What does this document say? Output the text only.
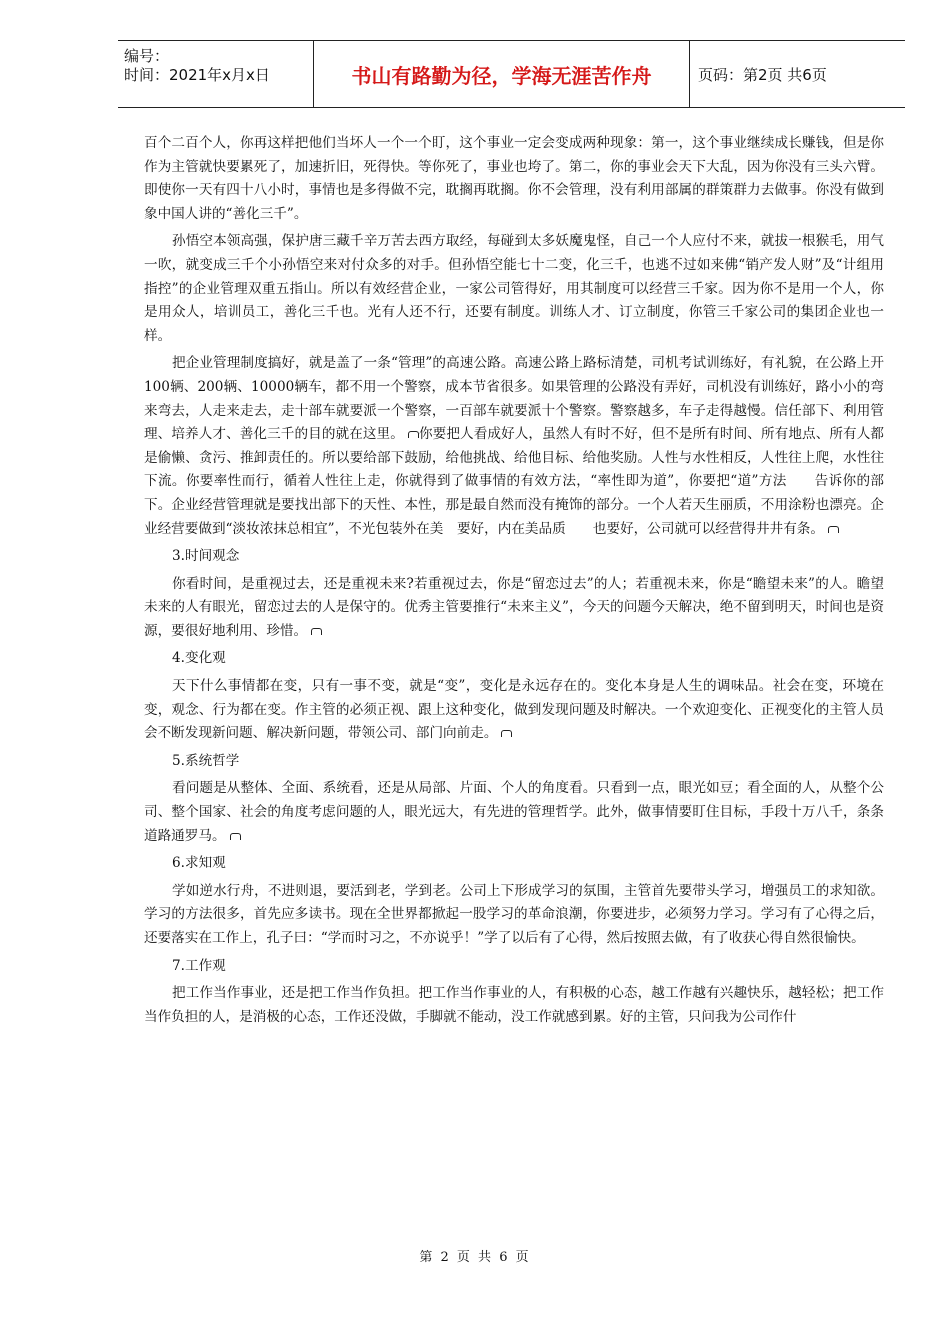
编号：
时间：2021年x月x日	书山有路勤为径，学海无涯苦作舟	页码：第2页 共6页

百个二百个人，你再这样把他们当坏人一个一个盯，这个事业一定会变成两种现象：第一，这个事业继续成长赚钱，但是你作为主管就快要累死了，加速折旧，死得快。等你死了，事业也垮了。第二，你的事业会天下大乱，因为你没有三头六臂。即使你一天有四十八小时，事情也是多得做不完，耽搁再耽搁。你不会管理，没有利用部属的群策群力去做事。你没有做到象中国人讲的“善化三千”。

孙悟空本领高强，保护唐三藏千辛万苦去西方取经，每碰到太多妖魔鬼怪，自己一个人应付不来，就拔一根猴毛，用气一吹，就变成三千个小孙悟空来对付众多的对手。但孙悟空能七十二变，化三千，也逃不过如来佛“销产发人财”及“计组用指控”的企业管理双重五指山。所以有效经营企业，一家公司管得好，用其制度可以经营三千家。因为你不是用一个人，你是用众人，培训员工，善化三千也。光有人还不行，还要有制度。训练人才、订立制度，你管三千家公司的集团企业也一样。

把企业管理制度搞好，就是盖了一条“管理”的高速公路。高速公路上路标清楚，司机考试训练好，有礼貌，在公路上开100辆、200辆、10000辆车，都不用一个警察，成本节省很多。如果管理的公路没有弄好，司机没有训练好，路小小的弯来弯去，人走来走去，走十部车就要派一个警察，一百部车就要派十个警察。警察越多，车子走得越慢。信任部下、利用管理、培养人才、善化三千的目的就在这里。 你要把人看成好人，虽然人有时不好，但不是所有时间、所有地点、所有人都是偷懒、贪污、推卸责任的。所以要给部下鼓励，给他挑战、给他目标、给他奖励。人性与水性相反，人性往上爬，水性往下流。你要率性而行，循着人性往上走，你就得到了做事情的有效方法，“率性即为道”，你要把“道”方法　　告诉你的部下。企业经营管理就是要找出部下的天性、本性，那是最自然而没有掩饰的部分。一个人若天生丽质，不用涂粉也漂亮。企业经营要做到“淡妆浓抹总相宜”，不光包装外在美　要好，内在美品质　　也要好，公司就可以经营得井井有条。

3.时间观念

你看时间，是重视过去，还是重视未来?若重视过去，你是“留恋过去”的人；若重视未来，你是“瞻望未来”的人。瞻望未来的人有眼光，留恋过去的人是保守的。优秀主管要推行“未来主义”，今天的问题今天解决，绝不留到明天，时间也是资源，要很好地利用、珍惜。

4.变化观

天下什么事情都在变，只有一事不变，就是“变”，变化是永远存在的。变化本身是人生的调味品。社会在变，环境在变，观念、行为都在变。作主管的必须正视、跟上这种变化，做到发现问题及时解决。一个欢迎变化、正视变化的主管人员会不断发现新问题、解决新问题，带领公司、部门向前走。

5.系统哲学

看问题是从整体、全面、系统看，还是从局部、片面、个人的角度看。只看到一点，眼光如豆；看全面的人，从整个公司、整个国家、社会的角度考虑问题的人，眼光远大，有先进的管理哲学。此外，做事情要盯住目标，手段十万八千，条条道路通罗马。

6.求知观

学如逆水行舟，不进则退，要活到老，学到老。公司上下形成学习的氛围，主管首先要带头学习，增强员工的求知欲。学习的方法很多，首先应多读书。现在全世界都掀起一股学习的革命浪潮，你要进步，必须努力学习。学习有了心得之后，还要落实在工作上，孔子曰：“学而时习之，不亦说乎！”学了以后有了心得，然后按照去做，有了收获心得自然很愉快。

7.工作观

把工作当作事业，还是把工作当作负担。把工作当作事业的人，有积极的心态，越工作越有兴趣快乐，越轻松；把工作当作负担的人，是消极的心态，工作还没做，手脚就不能动，没工作就感到累。好的主管，只问我为公司作什

第 2 页 共 6 页
